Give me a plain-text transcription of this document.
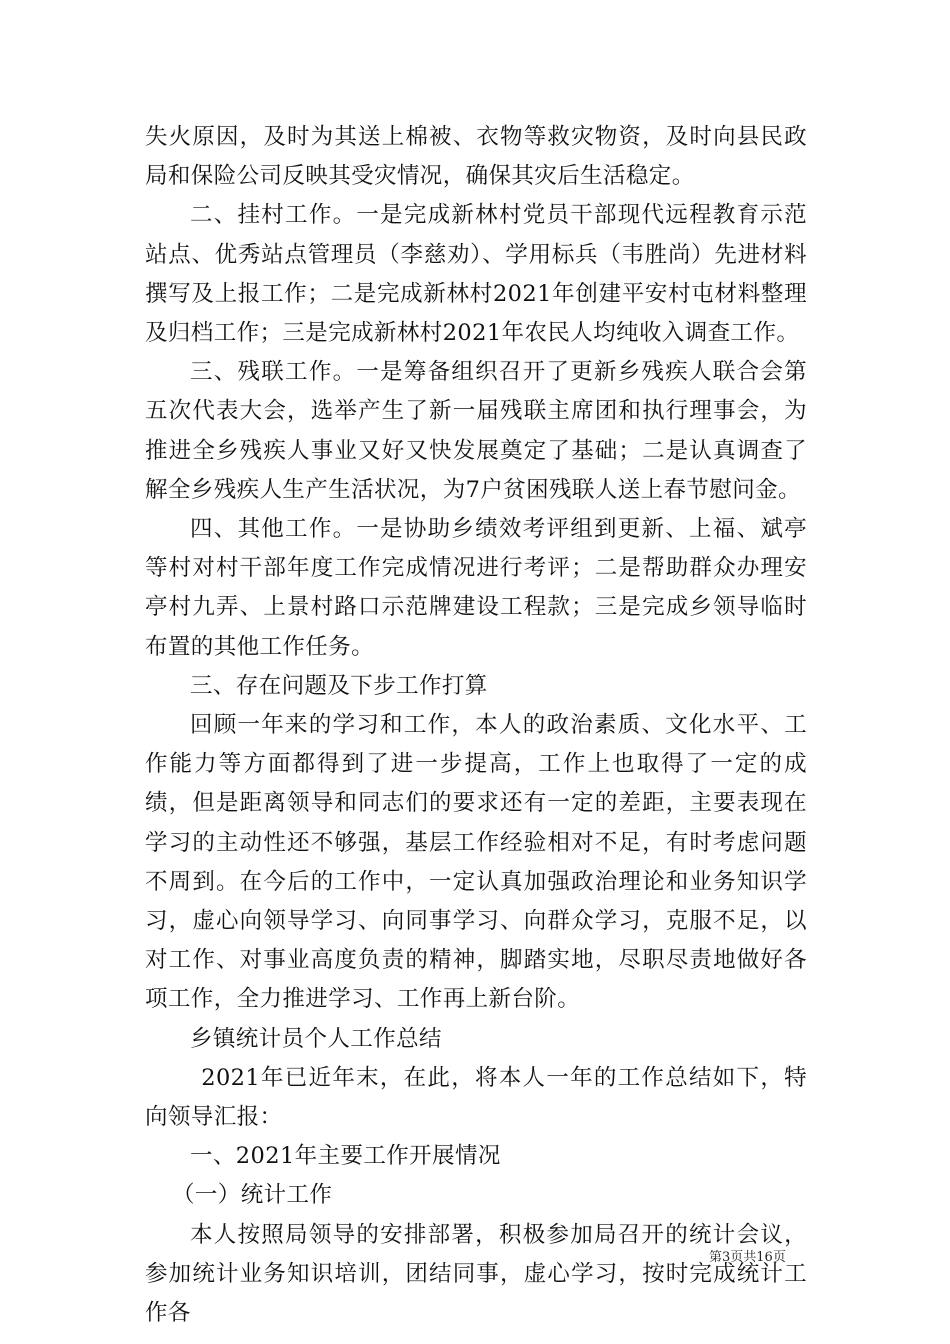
失火原因，及时为其送上棉被、衣物等救灾物资，及时向县民政局和保险公司反映其受灾情况，确保其灾后生活稳定。

二、挂村工作。一是完成新林村党员干部现代远程教育示范站点、优秀站点管理员（李慈劝）、学用标兵（韦胜尚）先进材料撰写及上报工作；二是完成新林村2021年创建平安村屯材料整理及归档工作；三是完成新林村2021年农民人均纯收入调查工作。

三、残联工作。一是筹备组织召开了更新乡残疾人联合会第五次代表大会，选举产生了新一届残联主席团和执行理事会，为推进全乡残疾人事业又好又快发展奠定了基础；二是认真调查了解全乡残疾人生产生活状况，为7户贫困残联人送上春节慰问金。

四、其他工作。一是协助乡绩效考评组到更新、上福、斌亭等村对村干部年度工作完成情况进行考评；二是帮助群众办理安亭村九弄、上景村路口示范牌建设工程款；三是完成乡领导临时布置的其他工作任务。

三、存在问题及下步工作打算

回顾一年来的学习和工作，本人的政治素质、文化水平、工作能力等方面都得到了进一步提高，工作上也取得了一定的成绩，但是距离领导和同志们的要求还有一定的差距，主要表现在学习的主动性还不够强，基层工作经验相对不足，有时考虑问题不周到。在今后的工作中，一定认真加强政治理论和业务知识学习，虚心向领导学习、向同事学习、向群众学习，克服不足，以对工作、对事业高度负责的精神，脚踏实地，尽职尽责地做好各项工作，全力推进学习、工作再上新台阶。

乡镇统计员个人工作总结

2021年已近年末，在此，将本人一年的工作总结如下，特向领导汇报：

一、2021年主要工作开展情况

（一）统计工作

本人按照局领导的安排部署，积极参加局召开的统计会议，参加统计业务知识培训，团结同事，虚心学习，按时完成统计工作各

第3页共16页
